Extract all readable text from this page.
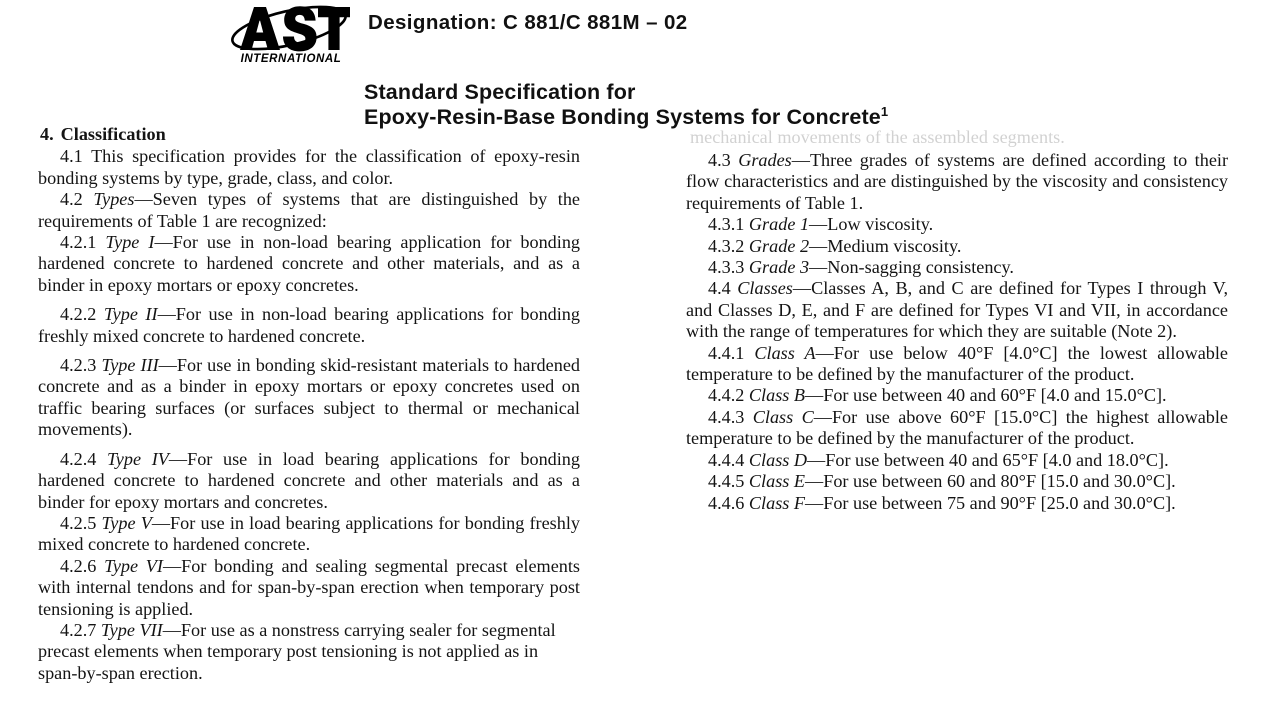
INTERNATIONAL
Designation: C 881/C 881M – 02
Standard Specification for
Epoxy-Resin-Base Bonding Systems for Concrete$^1$
4. Classification

4.1 This specification provides for the classification of epoxy-resin bonding systems by type, grade, class, and color.

4.2 Types—Seven types of systems that are distinguished by the requirements of Table 1 are recognized:

4.2.1 Type I—For use in non-load bearing application for bonding hardened concrete to hardened concrete and other materials, and as a binder in epoxy mortars or epoxy concretes.

4.2.2 Type II—For use in non-load bearing applications for bonding freshly mixed concrete to hardened concrete.

4.2.3 Type III—For use in bonding skid-resistant materials to hardened concrete and as a binder in epoxy mortars or epoxy concretes used on traffic bearing surfaces (or surfaces subject to thermal or mechanical movements).

4.2.4 Type IV—For use in load bearing applications for bonding hardened concrete to hardened concrete and other materials and as a binder for epoxy mortars and concretes.

4.2.5 Type V—For use in load bearing applications for bonding freshly mixed concrete to hardened concrete.

4.2.6 Type VI—For bonding and sealing segmental precast elements with internal tendons and for span-by-span erection when temporary post tensioning is applied.

4.2.7 Type VII—For use as a nonstress carrying sealer for segmental precast elements when temporary post tensioning is not applied as in span-by-span erection.

mechanical movements of the assembled segments.

4.3 Grades—Three grades of systems are defined according to their flow characteristics and are distinguished by the viscosity and consistency requirements of Table 1.

4.3.1 Grade 1—Low viscosity.

4.3.2 Grade 2—Medium viscosity.

4.3.3 Grade 3—Non-sagging consistency.

4.4 Classes—Classes A, B, and C are defined for Types I through V, and Classes D, E, and F are defined for Types VI and VII, in accordance with the range of temperatures for which they are suitable (Note 2).

4.4.1 Class A—For use below 40°F [4.0°C] the lowest allowable temperature to be defined by the manufacturer of the product.

4.4.2 Class B—For use between 40 and 60°F [4.0 and 15.0°C].

4.4.3 Class C—For use above 60°F [15.0°C] the highest allowable temperature to be defined by the manufacturer of the product.

4.4.4 Class D—For use between 40 and 65°F [4.0 and 18.0°C].

4.4.5 Class E—For use between 60 and 80°F [15.0 and 30.0°C].

4.4.6 Class F—For use between 75 and 90°F [25.0 and 30.0°C].
